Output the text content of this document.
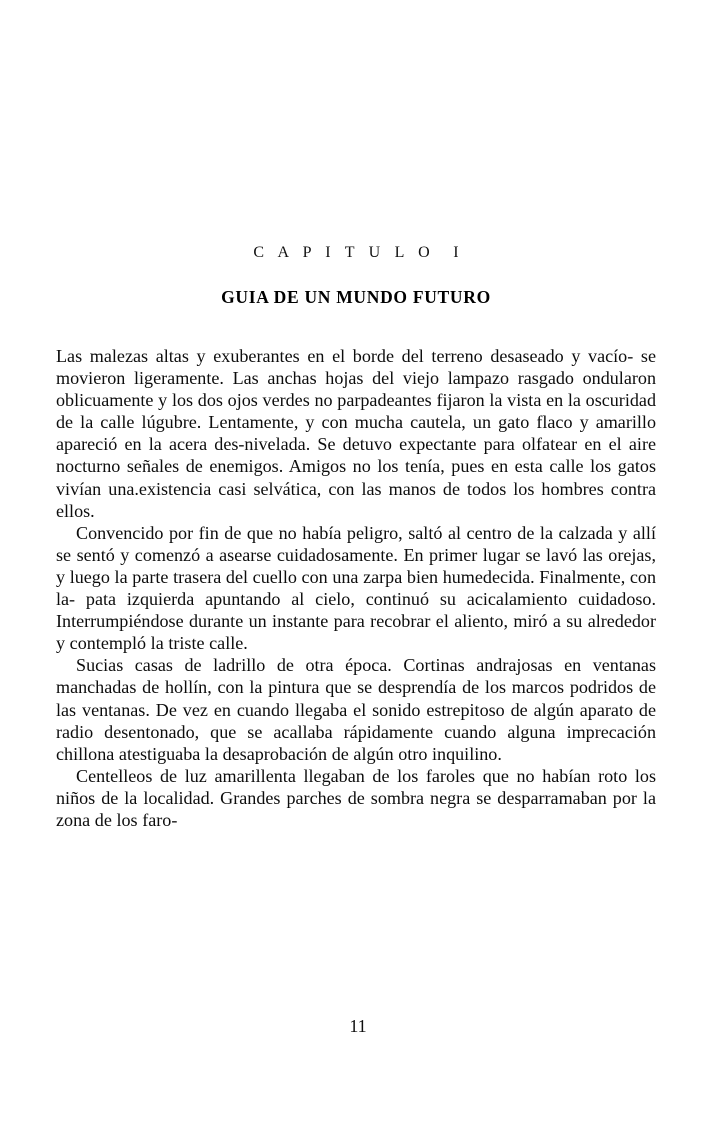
C A P I T U L O  I
GUIA DE UN MUNDO FUTURO

Las malezas altas y exuberantes en el borde del terreno desaseado y vacío- se movieron ligeramente. Las anchas hojas del viejo lampazo rasgado ondularon oblicuamente y los dos ojos verdes no parpadeantes fijaron la vista en la oscuridad de la calle lúgubre. Lentamente, y con mucha cautela, un gato flaco y amarillo apareció en la acera des-nivelada. Se detuvo expectante para olfatear en el aire nocturno señales de enemigos. Amigos no los tenía, pues en esta calle los gatos vivían una.existencia casi selvática, con las manos de todos los hombres contra ellos.

Convencido por fin de que no había peligro, saltó al centro de la calzada y allí se sentó y comenzó a asearse cuidadosamente. En primer lugar se lavó las orejas, y luego la parte trasera del cuello con una zarpa bien humedecida. Finalmente, con la- pata izquierda apuntando al cielo, continuó su acicalamiento cuidadoso. Interrumpiéndose durante un instante para recobrar el aliento, miró a su alrededor y contempló la triste calle.

Sucias casas de ladrillo de otra época. Cortinas andrajosas en ventanas manchadas de hollín, con la pintura que se desprendía de los marcos podridos de las ventanas. De vez en cuando llegaba el sonido estrepitoso de algún aparato de radio desentonado, que se acallaba rápidamente cuando alguna imprecación chillona atestiguaba la desaprobación de algún otro inquilino.

Centelleos de luz amarillenta llegaban de los faroles que no habían roto los niños de la localidad. Grandes parches de sombra negra se desparramaban por la zona de los faro-

11
